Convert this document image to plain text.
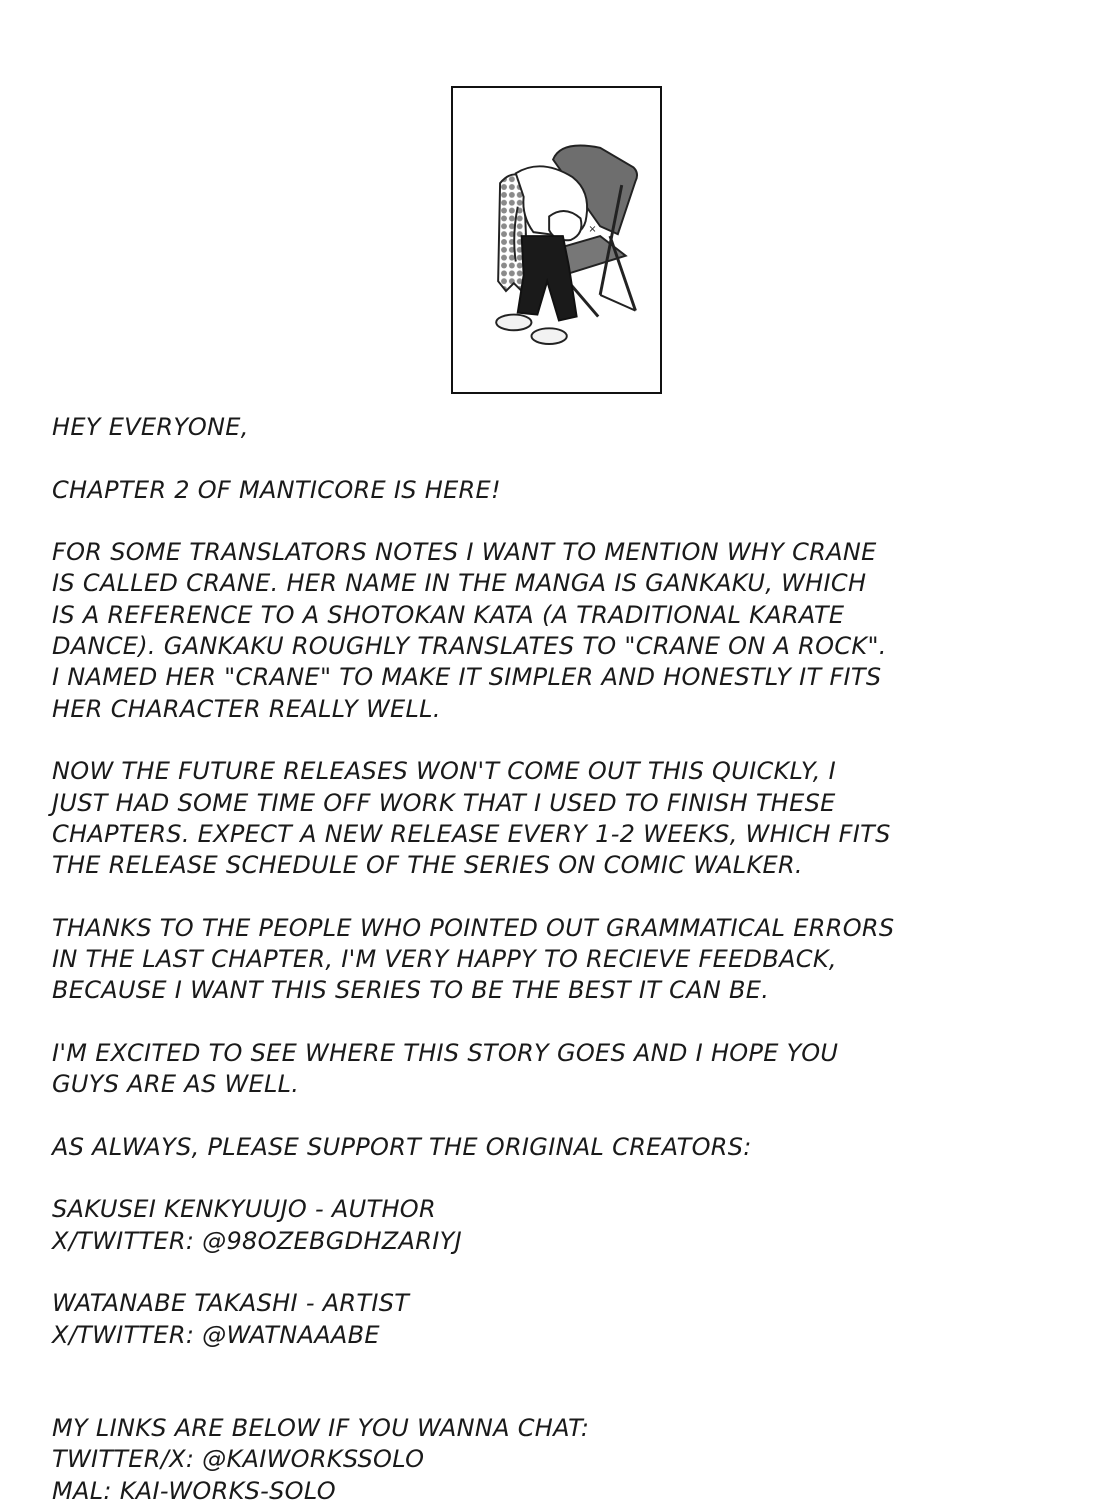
×

HEY EVERYONE,

CHAPTER 2 OF MANTICORE IS HERE!

FOR SOME TRANSLATORS NOTES I WANT TO MENTION WHY CRANE
IS CALLED CRANE. HER NAME IN THE MANGA IS GANKAKU, WHICH
IS A REFERENCE TO A SHOTOKAN KATA (A TRADITIONAL KARATE
DANCE). GANKAKU ROUGHLY TRANSLATES TO "CRANE ON A ROCK".
I NAMED HER "CRANE" TO MAKE IT SIMPLER AND HONESTLY IT FITS
HER CHARACTER REALLY WELL.

NOW THE FUTURE RELEASES WON'T COME OUT THIS QUICKLY, I
JUST HAD SOME TIME OFF WORK THAT I USED TO FINISH THESE
CHAPTERS. EXPECT A NEW RELEASE EVERY 1-2 WEEKS, WHICH FITS
THE RELEASE SCHEDULE OF THE SERIES ON COMIC WALKER.

THANKS TO THE PEOPLE WHO POINTED OUT GRAMMATICAL ERRORS
IN THE LAST CHAPTER, I'M VERY HAPPY TO RECIEVE FEEDBACK,
BECAUSE I WANT THIS SERIES TO BE THE BEST IT CAN BE.

I'M EXCITED TO SEE WHERE THIS STORY GOES AND I HOPE YOU
GUYS ARE AS WELL.

AS ALWAYS, PLEASE SUPPORT THE ORIGINAL CREATORS:

SAKUSEI KENKYUUJO - AUTHOR
X/TWITTER: @98OZEBGDHZARIYJ
WATANABE TAKASHI - ARTIST
X/TWITTER: @WATNAAABE
MY LINKS ARE BELOW IF YOU WANNA CHAT:
TWITTER/X: @KAIWORKSSOLO
MAL: KAI-WORKS-SOLO
